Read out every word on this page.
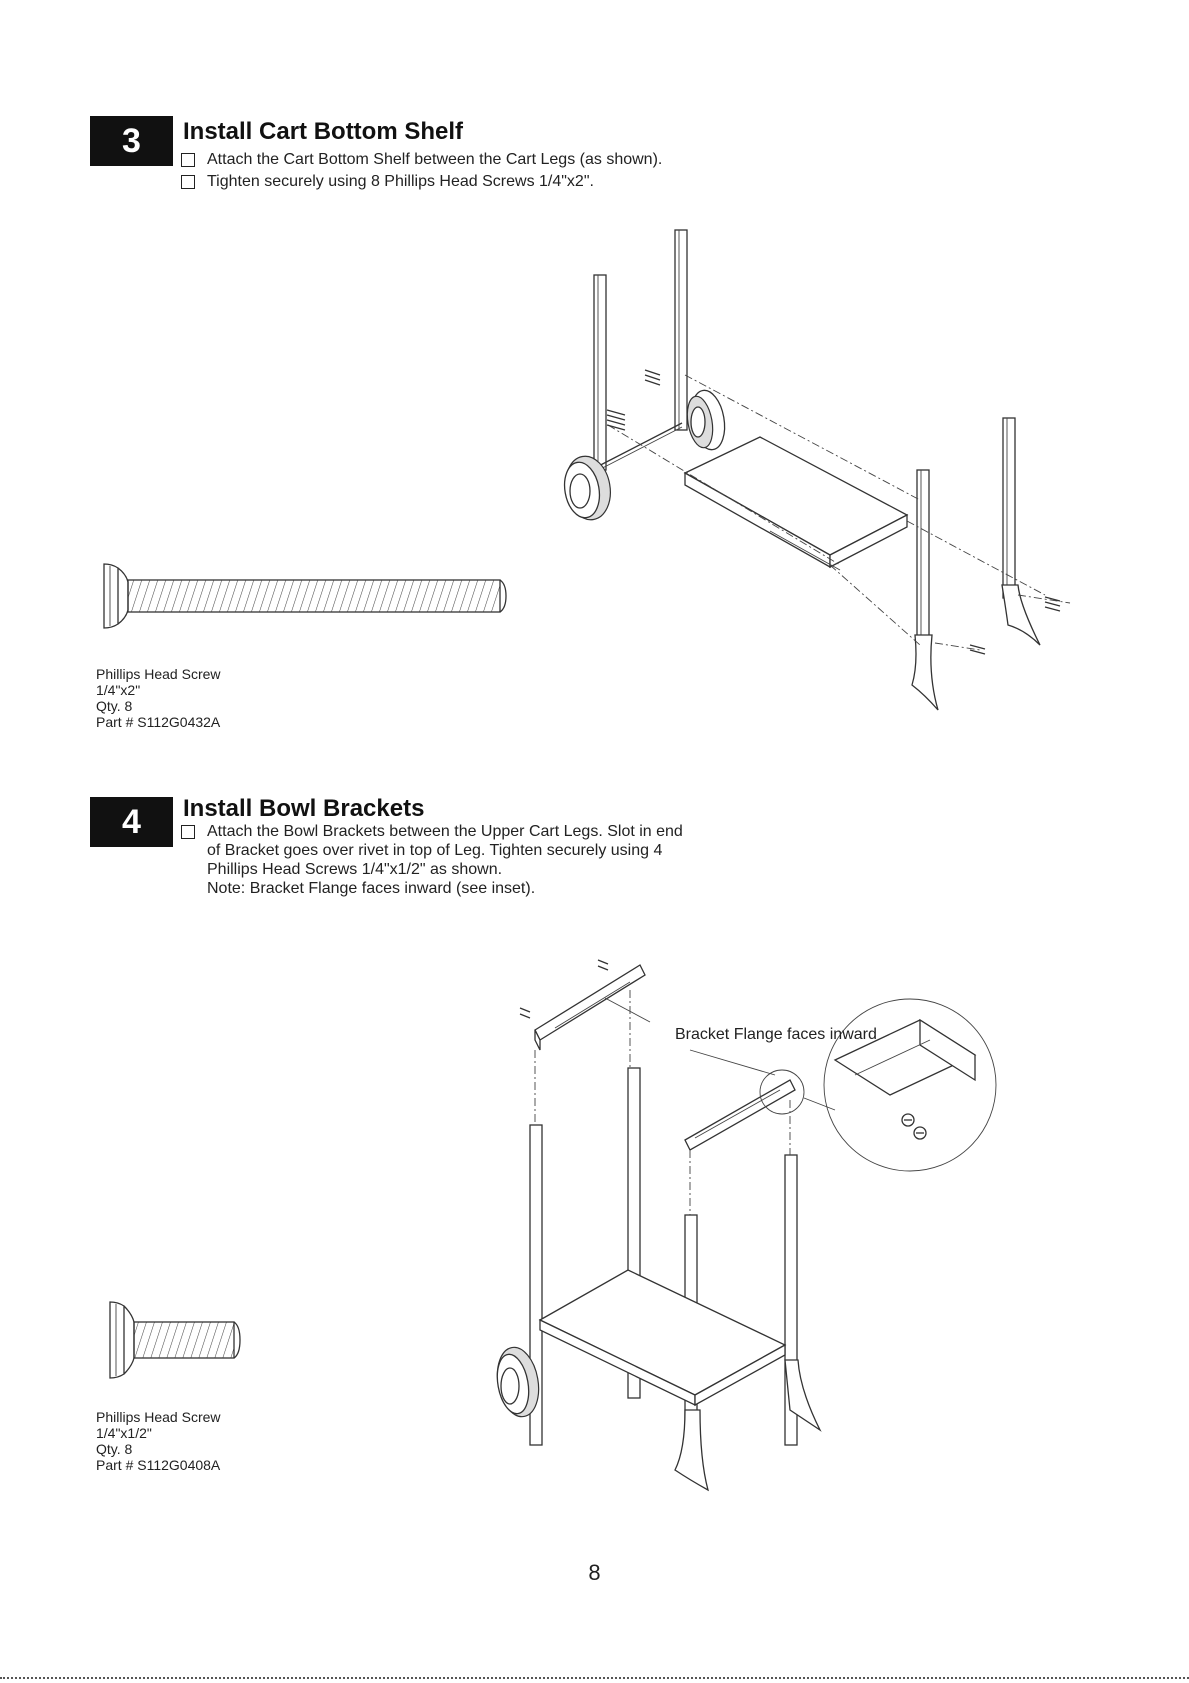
3	Install Cart Bottom Shelf
Attach the Cart Bottom Shelf between the Cart Legs (as shown).
Tighten securely using 8 Phillips Head Screws 1/4"x2".
Phillips Head Screw
1/4"x2"
Qty. 8
Part # S112G0432A
4	Install Bowl Brackets
Attach the Bowl Brackets between the Upper Cart Legs. Slot in end
of Bracket goes over rivet in top of Leg. Tighten securely using 4
Phillips Head Screws 1/4"x1/2" as shown.
Note: Bracket Flange faces inward (see inset).
Bracket Flange faces inward
Phillips Head Screw
1/4"x1/2"
Qty. 8
Part # S112G0408A
8
